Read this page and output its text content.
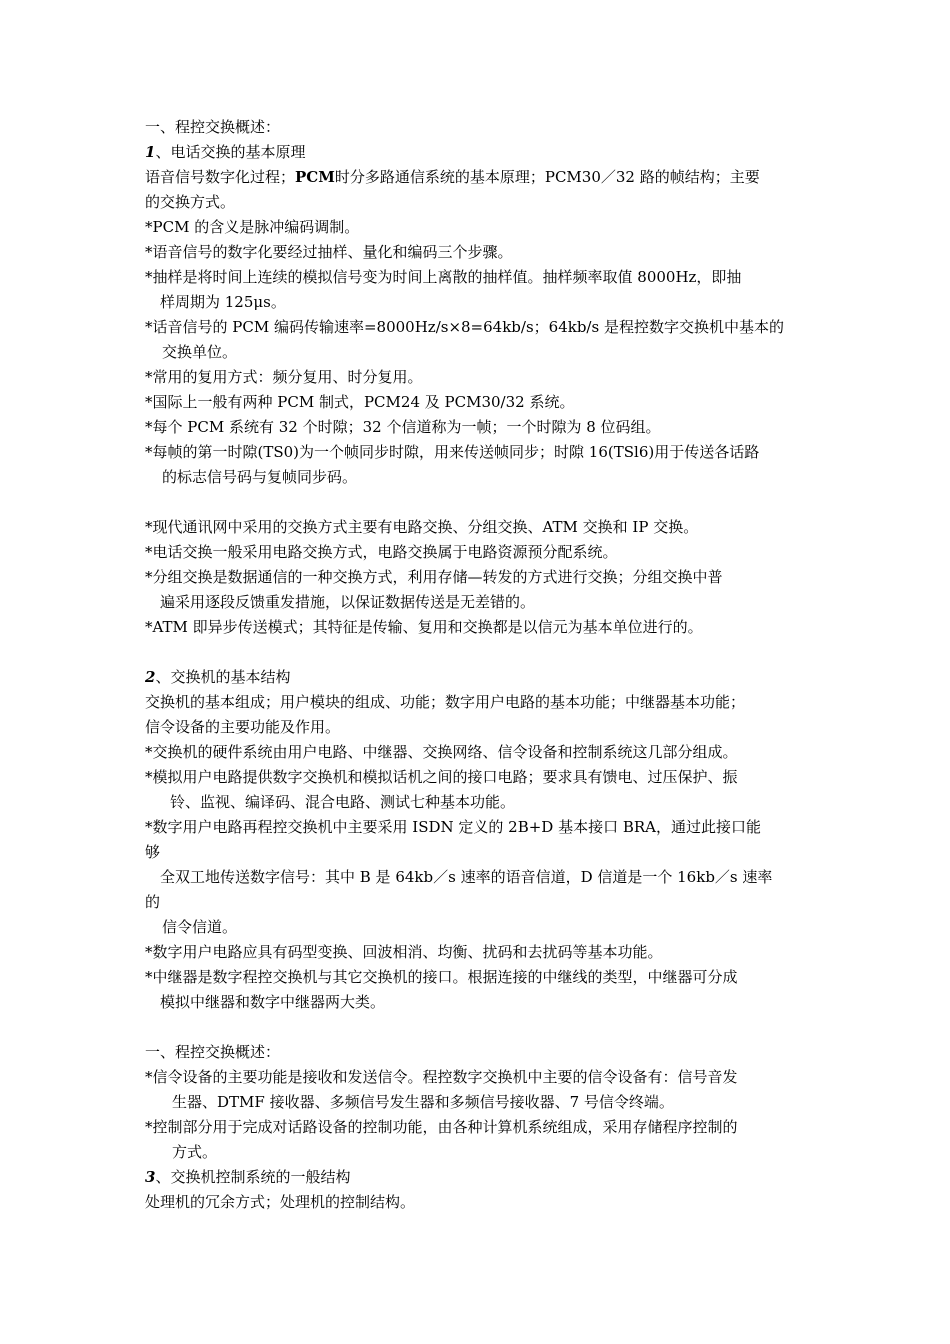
一、程控交换概述：
1、电话交换的基本原理
语音信号数字化过程；PCM时分多路通信系统的基本原理；PCM30／32 路的帧结构；主要
的交换方式。
*PCM 的含义是脉冲编码调制。
*语音信号的数字化要经过抽样、量化和编码三个步骤。
*抽样是将时间上连续的模拟信号变为时间上离散的抽样值。抽样频率取值 8000Hz，即抽
样周期为 125μs。
*话音信号的 PCM 编码传输速率=8000Hz/s×8=64kb/s；64kb/s 是程控数字交换机中基本的
交换单位。
*常用的复用方式：频分复用、时分复用。
*国际上一般有两种 PCM 制式，PCM24 及 PCM30/32 系统。
*每个 PCM 系统有 32 个时隙；32 个信道称为一帧；一个时隙为 8 位码组。
*每帧的第一时隙(TS0)为一个帧同步时隙，用来传送帧同步；时隙 16(TSl6)用于传送各话路
的标志信号码与复帧同步码。
*现代通讯网中采用的交换方式主要有电路交换、分组交换、ATM 交换和 IP 交换。
*电话交换一般采用电路交换方式，电路交换属于电路资源预分配系统。
*分组交换是数据通信的一种交换方式，利用存储—转发的方式进行交换；分组交换中普
遍采用逐段反馈重发措施，以保证数据传送是无差错的。
*ATM 即异步传送模式；其特征是传输、复用和交换都是以信元为基本单位进行的。
2、交换机的基本结构
交换机的基本组成；用户模块的组成、功能；数字用户电路的基本功能；中继器基本功能；
信令设备的主要功能及作用。
*交换机的硬件系统由用户电路、中继器、交换网络、信令设备和控制系统这几部分组成。
*模拟用户电路提供数字交换机和模拟话机之间的接口电路；要求具有馈电、过压保护、振
铃、监视、编译码、混合电路、测试七种基本功能。
*数字用户电路再程控交换机中主要采用 ISDN 定义的 2B+D 基本接口 BRA，通过此接口能
够
全双工地传送数字信号：其中 B 是 64kb／s 速率的语音信道，D 信道是一个 16kb／s 速率
的
信令信道。
*数字用户电路应具有码型变换、回波相消、均衡、扰码和去扰码等基本功能。
*中继器是数字程控交换机与其它交换机的接口。根据连接的中继线的类型，中继器可分成
模拟中继器和数字中继器两大类。
一、程控交换概述：
*信令设备的主要功能是接收和发送信令。程控数字交换机中主要的信令设备有：信号音发
生器、DTMF 接收器、多频信号发生器和多频信号接收器、7 号信令终端。
*控制部分用于完成对话路设备的控制功能，由各种计算机系统组成，采用存储程序控制的
方式。
3、交换机控制系统的一般结构
处理机的冗余方式；处理机的控制结构。
